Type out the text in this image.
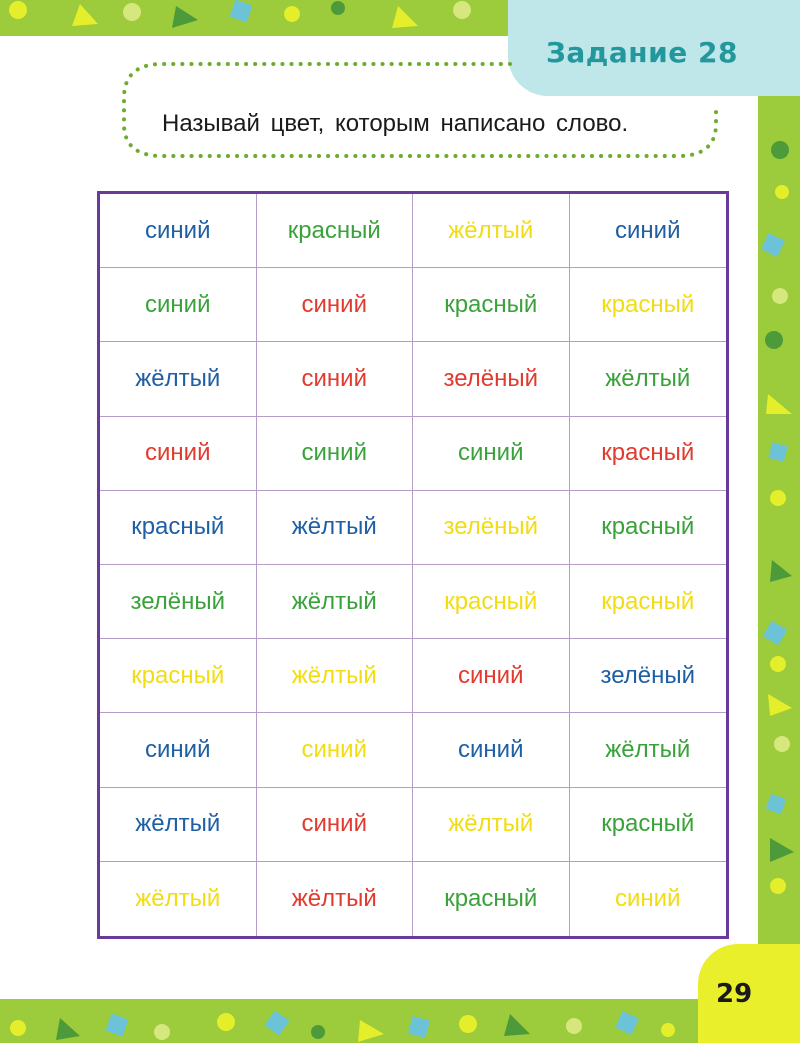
Задание 28
Называй цвет, которым написано слово.
синий	красный	жёлтый	синий
синий	синий	красный	красный
жёлтый	синий	зелёный	жёлтый
синий	синий	синий	красный
красный	жёлтый	зелёный	красный
зелёный	жёлтый	красный	красный
красный	жёлтый	синий	зелёный
синий	синий	синий	жёлтый
жёлтый	синий	жёлтый	красный
жёлтый	жёлтый	красный	синий
29
